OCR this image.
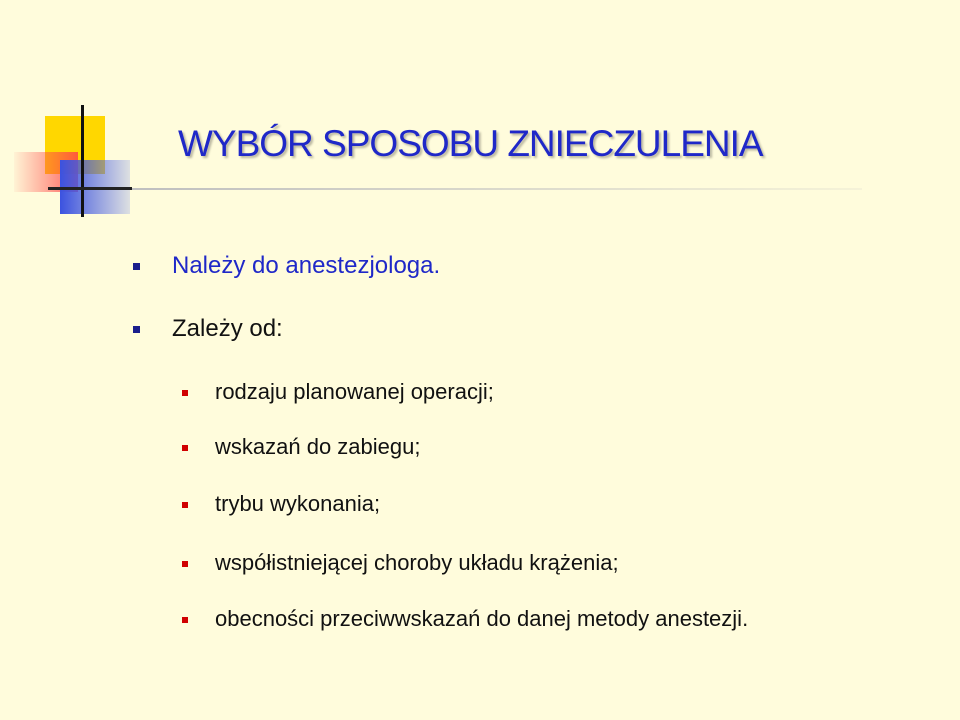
WYBÓR SPOSOBU ZNIECZULENIA
Należy do anestezjologa.
Zależy od:
rodzaju planowanej operacji;
wskazań do zabiegu;
trybu wykonania;
współistniejącej choroby układu krążenia;
obecności przeciwwskazań do danej metody anestezji.
